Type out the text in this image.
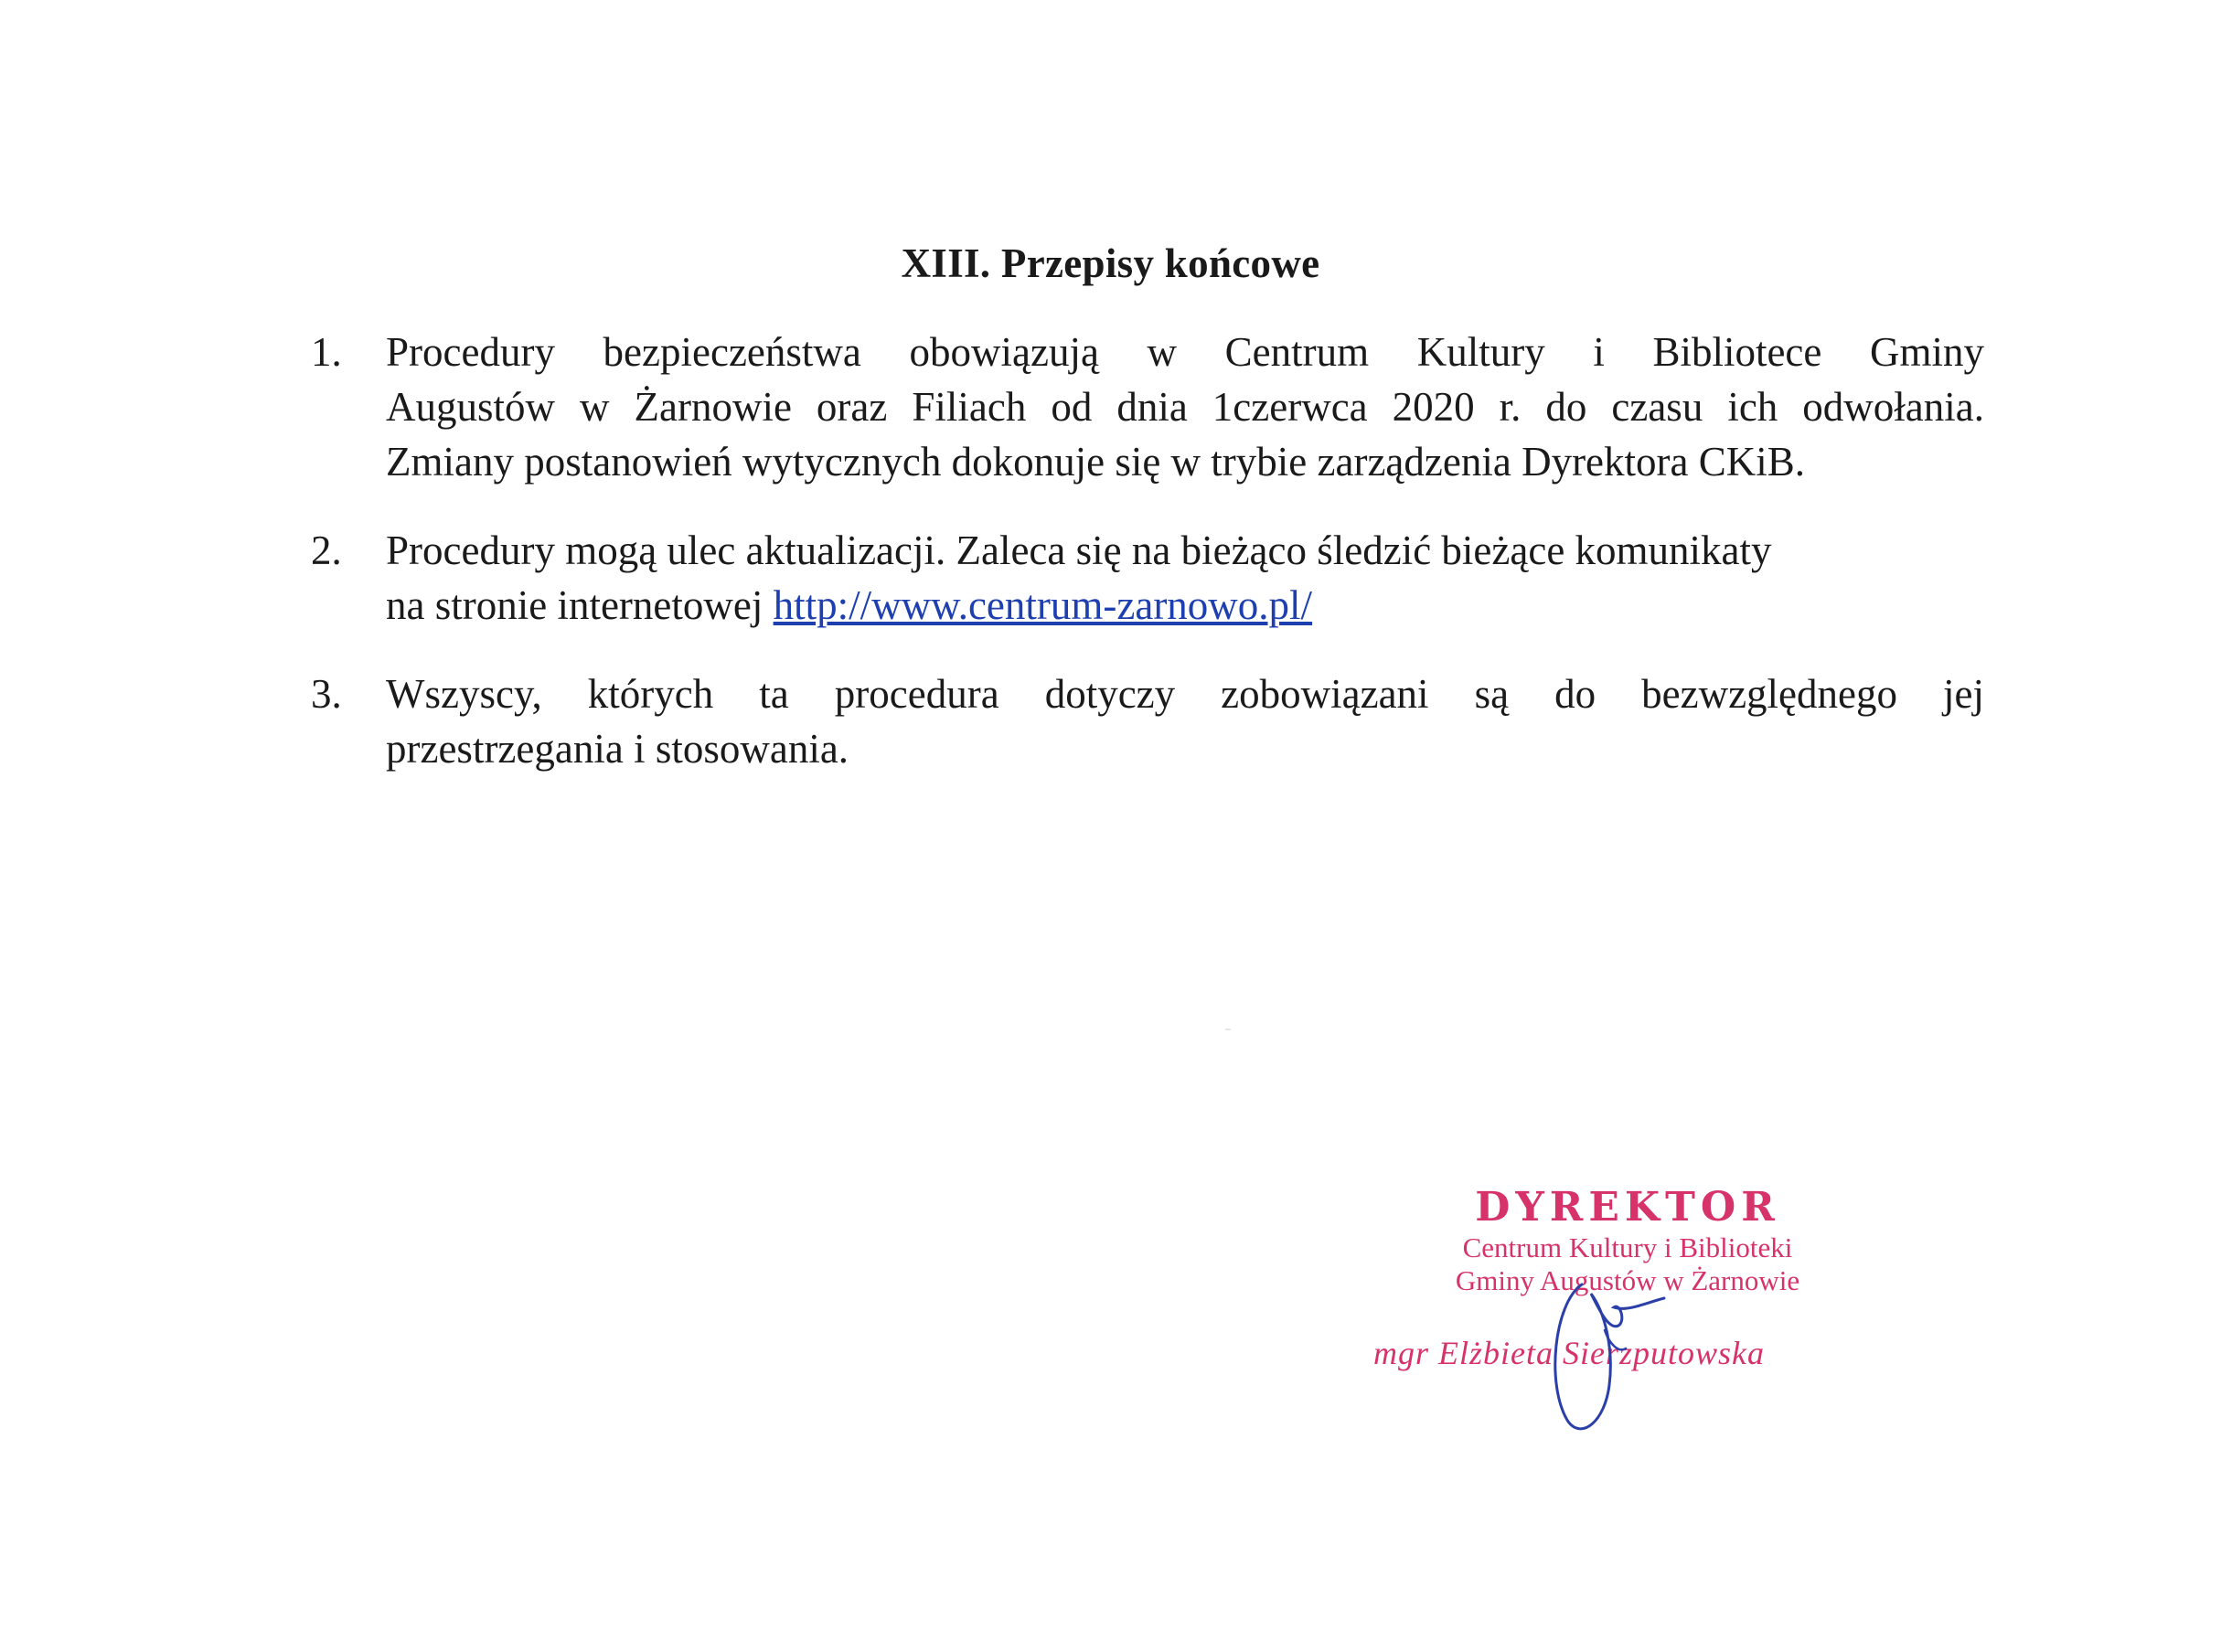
XIII. Przepisy końcowe
1. Procedury bezpieczeństwa obowiązują w Centrum Kultury i Bibliotece Gminy
Augustów w Żarnowie oraz Filiach od dnia 1czerwca 2020 r. do czasu ich odwołania.
Zmiany postanowień wytycznych dokonuje się w trybie zarządzenia Dyrektora CKiB.
2. Procedury mogą ulec aktualizacji. Zaleca się na bieżąco śledzić bieżące komunikaty
na stronie internetowej http://www.centrum-zarnowo.pl/
3. Wszyscy, których ta procedura dotyczy zobowiązani są do bezwzględnego jej
przestrzegania i stosowania.
DYREKTOR
Centrum Kultury i Biblioteki
Gminy Augustów w Żarnowie
mgr Elżbieta Sierzputowska
